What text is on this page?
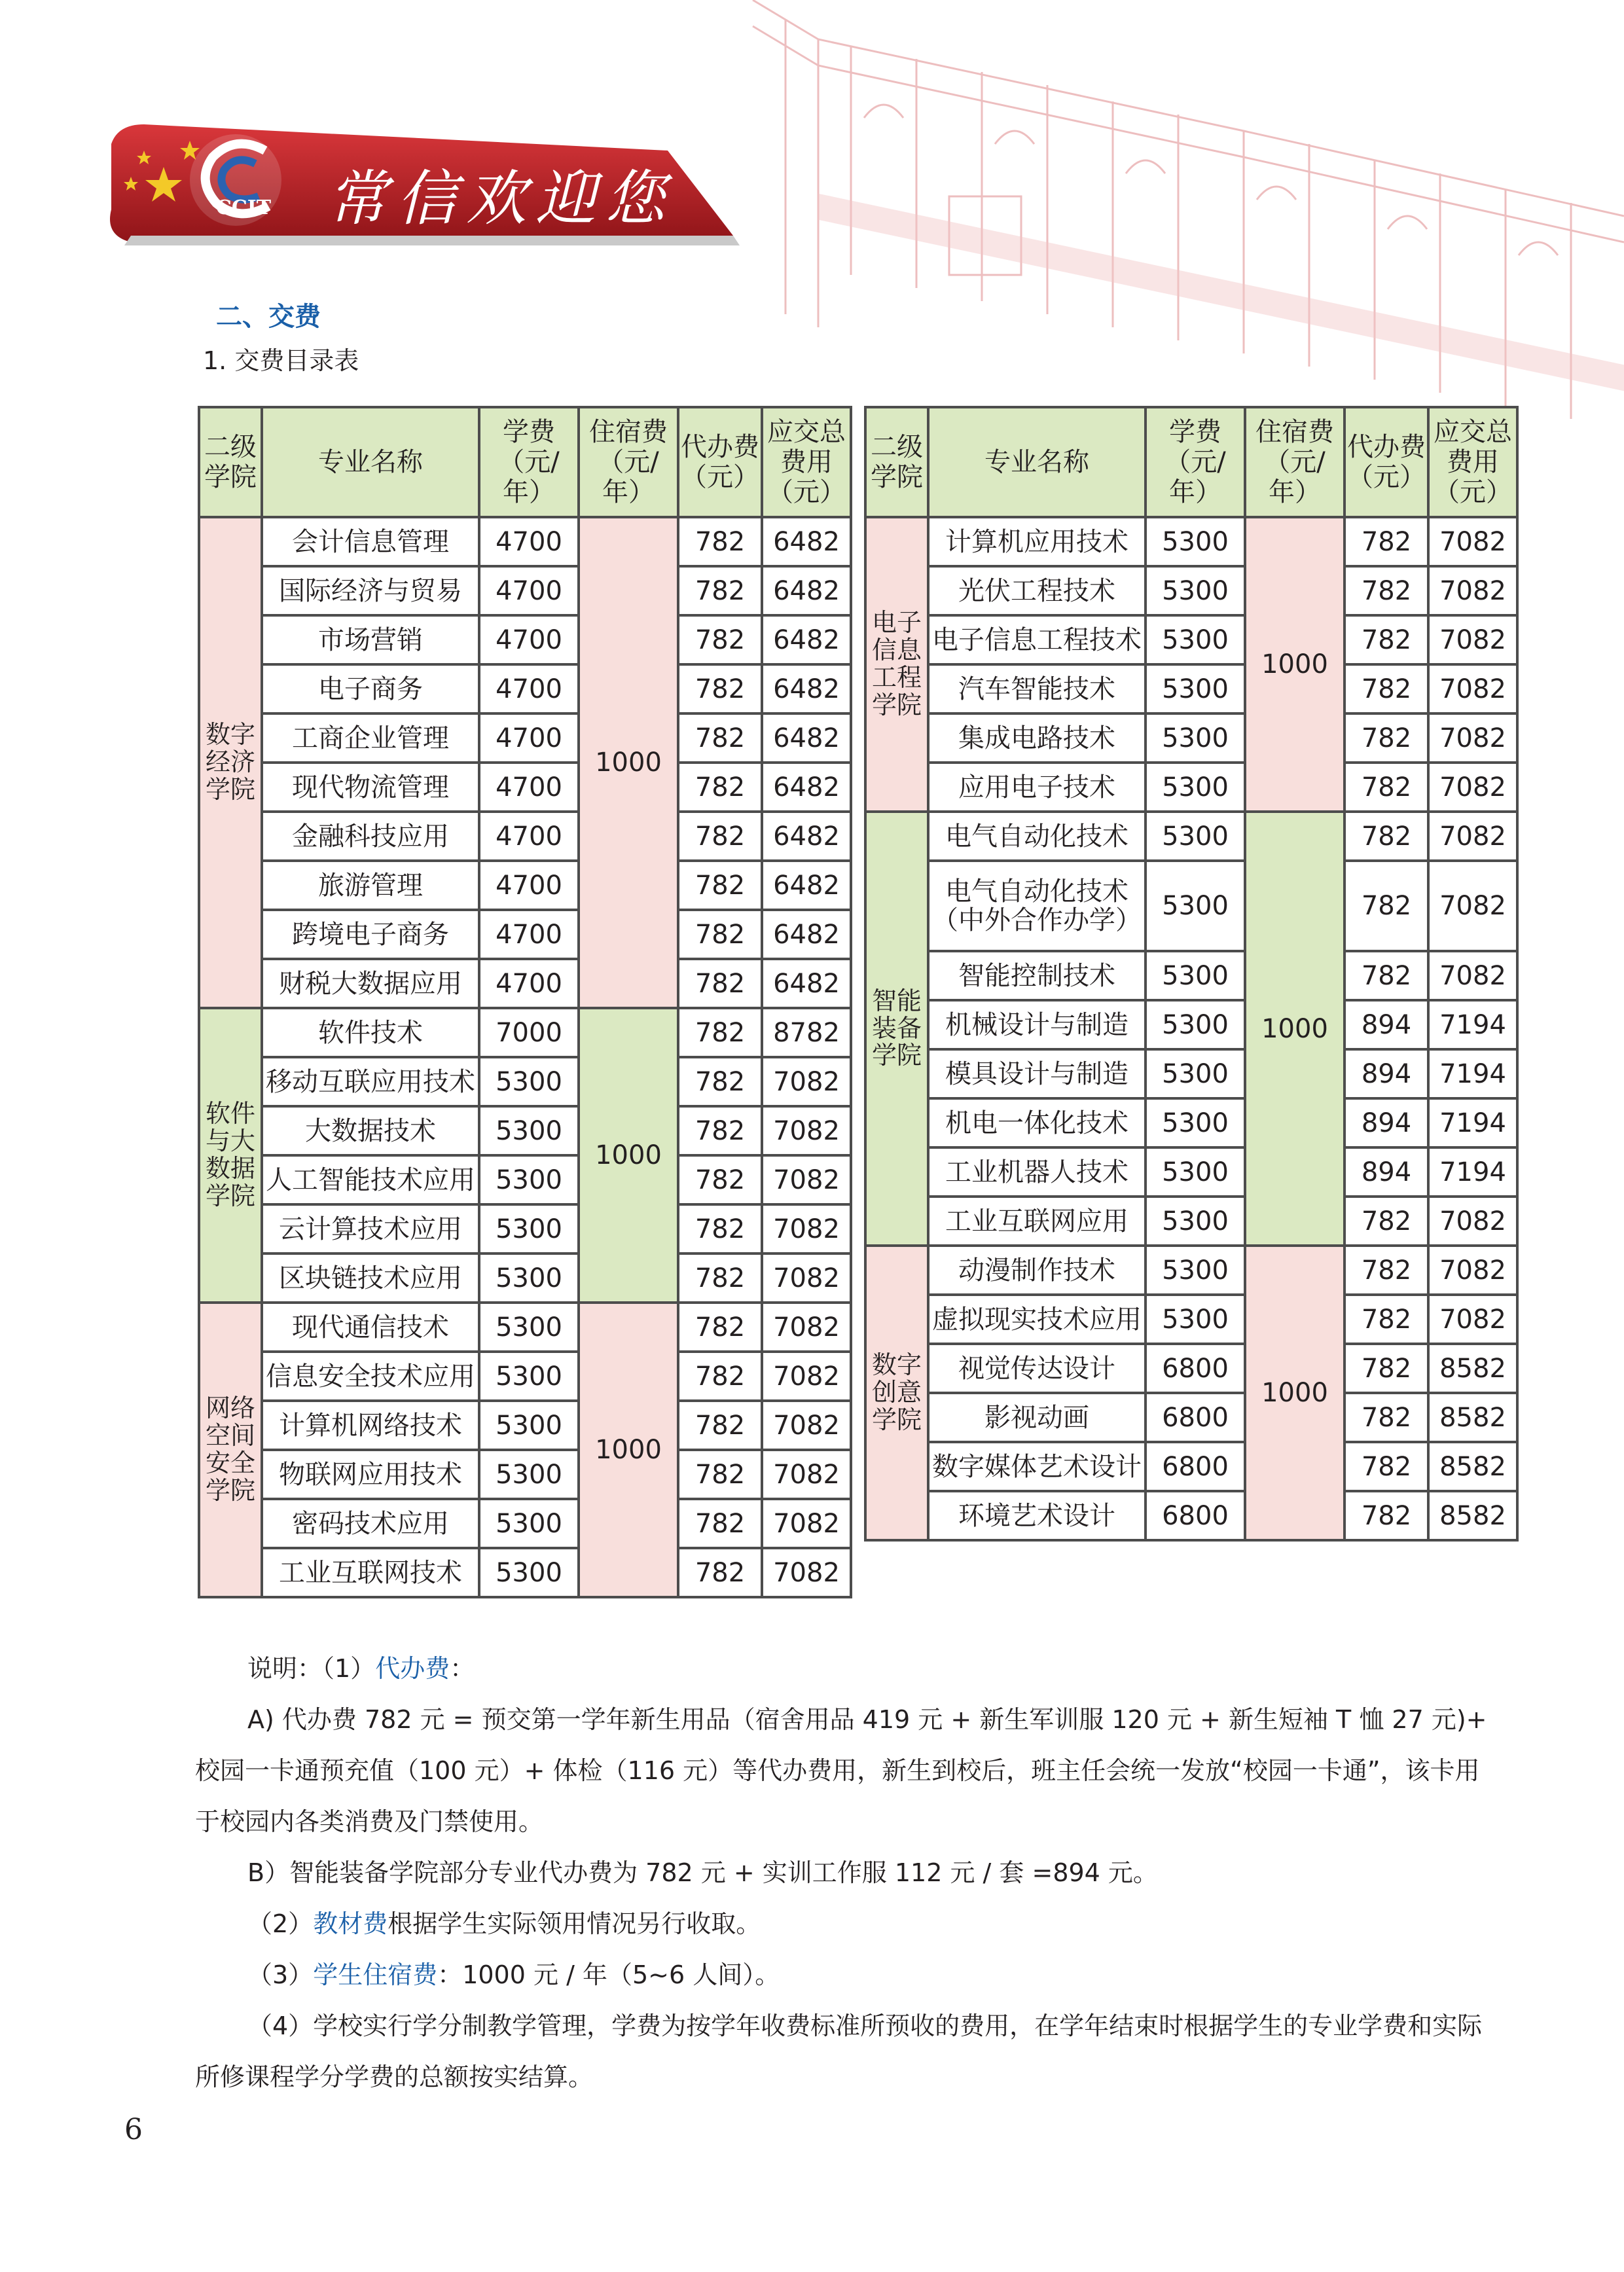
常信欢迎您
CCIT
二、交费
1. 交费目录表
二级学院	专业名称	学费（元/年）	住宿费（元/年）	代办费（元）	应交总费用（元）
数字经济学院	会计信息管理	4700	1000	782	6482
	国际经济与贸易	4700		782	6482
	市场营销	4700		782	6482
	电子商务	4700		782	6482
	工商企业管理	4700		782	6482
	现代物流管理	4700		782	6482
	金融科技应用	4700		782	6482
	旅游管理	4700		782	6482
	跨境电子商务	4700		782	6482
	财税大数据应用	4700		782	6482
软件与大数据学院	软件技术	7000	1000	782	8782
	移动互联应用技术	5300		782	7082
	大数据技术	5300		782	7082
	人工智能技术应用	5300		782	7082
	云计算技术应用	5300		782	7082
	区块链技术应用	5300		782	7082
网络空间安全学院	现代通信技术	5300	1000	782	7082
	信息安全技术应用	5300		782	7082
	计算机网络技术	5300		782	7082
	物联网应用技术	5300		782	7082
	密码技术应用	5300		782	7082
	工业互联网技术	5300		782	7082
二级学院	专业名称	学费（元/年）	住宿费（元/年）	代办费（元）	应交总费用（元）
电子信息工程学院	计算机应用技术	5300	1000	782	7082
	光伏工程技术	5300		782	7082
	电子信息工程技术	5300		782	7082
	汽车智能技术	5300		782	7082
	集成电路技术	5300		782	7082
	应用电子技术	5300		782	7082
智能装备学院	电气自动化技术	5300	1000	782	7082
	电气自动化技术（中外合作办学）	5300		782	7082
	智能控制技术	5300		782	7082
	机械设计与制造	5300		894	7194
	模具设计与制造	5300		894	7194
	机电一体化技术	5300		894	7194
	工业机器人技术	5300		894	7194
	工业互联网应用	5300		782	7082
数字创意学院	动漫制作技术	5300	1000	782	7082
	虚拟现实技术应用	5300		782	7082
	视觉传达设计	6800		782	8582
	影视动画	6800		782	8582
	数字媒体艺术设计	6800		782	8582
	环境艺术设计	6800		782	8582

说明：（1）代办费：

A) 代办费 782 元 = 预交第一学年新生用品（宿舍用品 419 元 + 新生军训服 120 元 + 新生短袖 T 恤 27 元)+ 校园一卡通预充值（100 元）+ 体检（116 元）等代办费用，新生到校后，班主任会统一发放“校园一卡通”，该卡用于校园内各类消费及门禁使用。

B）智能装备学院部分专业代办费为 782 元 + 实训工作服 112 元 / 套 =894 元。

（2）教材费根据学生实际领用情况另行收取。

（3）学生住宿费：1000 元 / 年（5~6 人间）。

（4）学校实行学分制教学管理，学费为按学年收费标准所预收的费用，在学年结束时根据学生的专业学费和实际所修课程学分学费的总额按实结算。

6
